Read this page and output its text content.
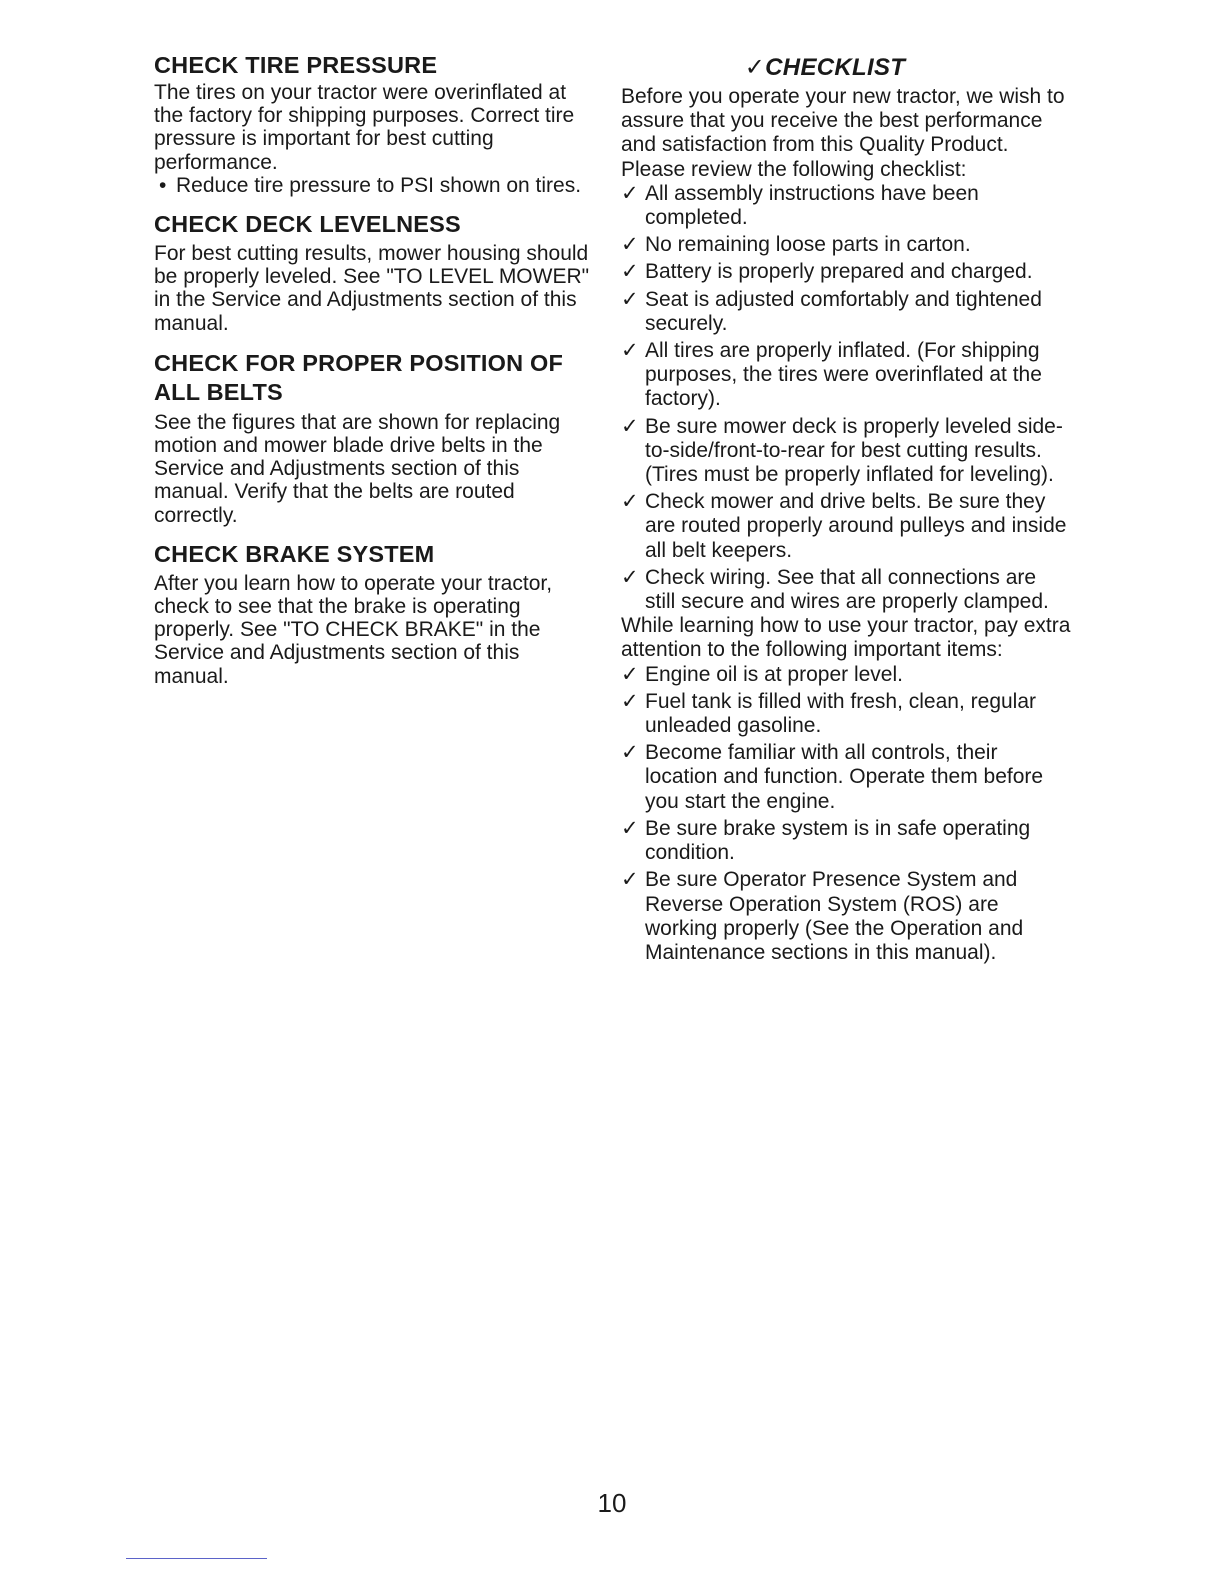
CHECK TIRE PRESSURE

The tires on your tractor were overinflated at the factory for shipping purposes. Correct tire pressure is important for best cutting performance.

• Reduce tire pressure to PSI shown on tires.

CHECK DECK LEVELNESS

For best cutting results, mower housing should be properly leveled. See "TO LEVEL MOWER" in the Service and Adjustments section of this manual.

CHECK FOR PROPER POSITION OF ALL BELTS

See the figures that are shown for replacing motion and mower blade drive belts in the Service and Adjustments section of this manual. Verify that the belts are routed correctly.

CHECK BRAKE SYSTEM

After you learn how to operate your tractor, check to see that the brake is operating properly. See "TO CHECK BRAKE" in the Service and Adjustments section of this manual.

✓CHECKLIST

Before you operate your new tractor, we wish to assure that you receive the best performance and satisfaction from this Quality Product.

Please review the following checklist:

✓ All assembly instructions have been completed.
✓ No remaining loose parts in carton.
✓ Battery is properly prepared and charged.
✓ Seat is adjusted comfortably and tightened securely.
✓ All tires are properly inflated. (For shipping purposes, the tires were overinflated at the factory).
✓ Be sure mower deck is properly leveled side-to-side/front-to-rear for best cutting results. (Tires must be properly inflated for leveling).
✓ Check mower and drive belts. Be sure they are routed properly around pulleys and inside all belt keepers.
✓ Check wiring. See that all connections are still secure and wires are properly clamped.

While learning how to use your tractor, pay extra attention to the following important items:

✓ Engine oil is at proper level.
✓ Fuel tank is filled with fresh, clean, regular unleaded gasoline.
✓ Become familiar with all controls, their location and function. Operate them before you start the engine.
✓ Be sure brake system is in safe operating condition.
✓ Be sure Operator Presence System and Reverse Operation System (ROS) are working properly (See the Operation and Maintenance sections in this manual).
10
